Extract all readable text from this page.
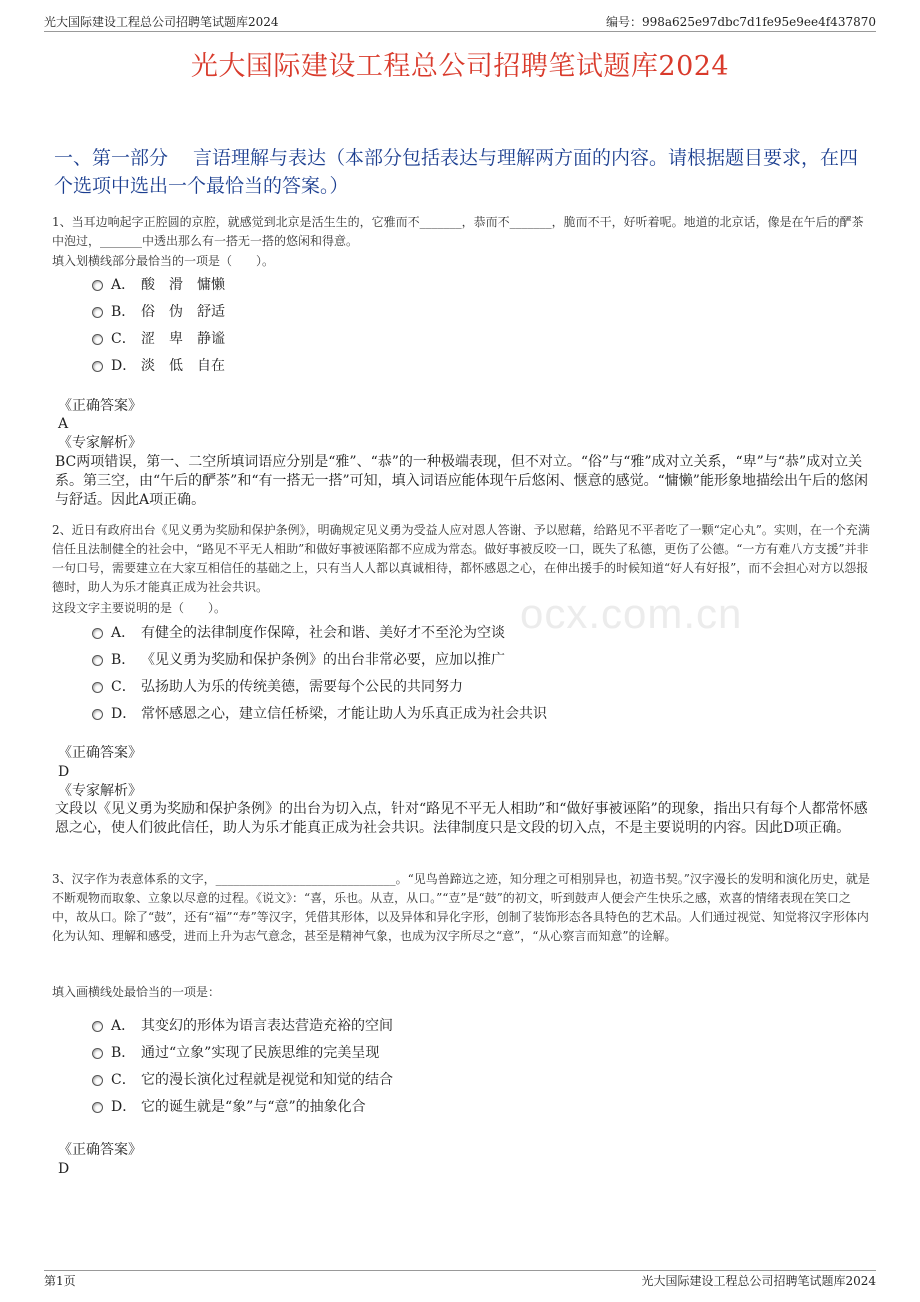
ocx.com.cn
光大国际建设工程总公司招聘笔试题库2024	编号：998a625e97dbc7d1fe95e9ee4f437870
光大国际建设工程总公司招聘笔试题库2024
一、第一部分　 言语理解与表达（本部分包括表达与理解两方面的内容。请根据题目要求，在四个选项中选出一个最恰当的答案。）
1、当耳边响起字正腔圆的京腔，就感觉到北京是活生生的，它雅而不_______，恭而不_______，脆而不干，好听着呢。地道的北京话，像是在午后的酽茶中泡过，_______中透出那么有一搭无一搭的悠闲和得意。
填入划横线部分最恰当的一项是（　　）。
A． 酸　滑　慵懒
B． 俗　伪　舒适
C． 涩　卑　静谧
D． 淡　低　自在
《正确答案》
A
《专家解析》
BC两项错误，第一、二空所填词语应分别是“雅”、“恭”的一种极端表现，但不对立。“俗”与“雅”成对立关系，“卑”与“恭”成对立关系。第三空，由“午后的酽茶”和“有一搭无一搭”可知，填入词语应能体现午后悠闲、惬意的感觉。“慵懒”能形象地描绘出午后的悠闲与舒适。因此A项正确。
2、近日有政府出台《见义勇为奖励和保护条例》，明确规定见义勇为受益人应对恩人答谢、予以慰藉，给路见不平者吃了一颗“定心丸”。实则，在一个充满信任且法制健全的社会中，“路见不平无人相助”和做好事被诬陷都不应成为常态。做好事被反咬一口，既失了私德，更伤了公德。“一方有难八方支援”并非一句口号，需要建立在大家互相信任的基础之上，只有当人人都以真诚相待，都怀感恩之心，在伸出援手的时候知道“好人有好报”，而不会担心对方以怨报德时，助人为乐才能真正成为社会共识。
这段文字主要说明的是（　　）。
A． 有健全的法律制度作保障，社会和谐、美好才不至沦为空谈
B． 《见义勇为奖励和保护条例》的出台非常必要，应加以推广
C． 弘扬助人为乐的传统美德，需要每个公民的共同努力
D． 常怀感恩之心，建立信任桥梁，才能让助人为乐真正成为社会共识
《正确答案》
D
《专家解析》
文段以《见义勇为奖励和保护条例》的出台为切入点，针对“路见不平无人相助”和“做好事被诬陷”的现象，指出只有每个人都常怀感恩之心，使人们彼此信任，助人为乐才能真正成为社会共识。法律制度只是文段的切入点，不是主要说明的内容。因此D项正确。
3、汉字作为表意体系的文字，______________________________。“见鸟兽蹄迒之迹，知分理之可相别异也，初造书契。”汉字漫长的发明和演化历史，就是不断观物而取象、立象以尽意的过程。《说文》：“喜，乐也。从壴，从口。”“壴”是“鼓”的初文，听到鼓声人便会产生快乐之感，欢喜的情绪表现在笑口之中，故从口。除了“鼓”，还有“福”“寿”等汉字，凭借其形体，以及异体和异化字形，创制了装饰形态各具特色的艺术品。人们通过视觉、知觉将汉字形体内化为认知、理解和感受，进而上升为志气意念，甚至是精神气象，也成为汉字所尽之“意”，“从心察言而知意”的诠解。
填入画横线处最恰当的一项是：
A． 其变幻的形体为语言表达营造充裕的空间
B． 通过“立象”实现了民族思维的完美呈现
C． 它的漫长演化过程就是视觉和知觉的结合
D． 它的诞生就是“象”与“意”的抽象化合
《正确答案》
D
第1页	光大国际建设工程总公司招聘笔试题库2024
